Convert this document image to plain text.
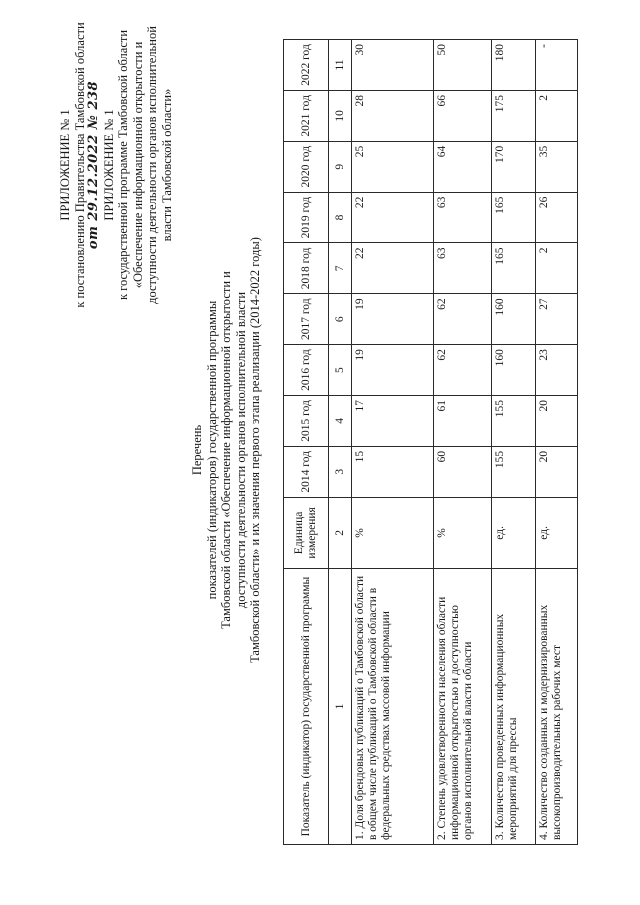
ПРИЛОЖЕНИЕ № 1 к постановлению Правительства Тамбовской области от 29.12.2022 № 238 ПРИЛОЖЕНИЕ № 1 к государственной программе Тамбовской области «Обеспечение информационной открытости и доступности деятельности органов исполнительной власти Тамбовской области»
Перечень показателей (индикаторов) государственной программы Тамбовской области «Обеспечение информационной открытости и доступности деятельности органов исполнительной власти Тамбовской области» и их значения первого этапа реализации (2014-2022 годы)
Показатель (индикатор) государственной программы	Единица измерения	2014 год	2015 год	2016 год	2017 год	2018 год	2019 год	2020 год	2021 год	2022 год
1	2	3	4	5	6	7	8	9	10	11
1. Доля брендовых публикаций о Тамбовской области в общем числе публикаций о Тамбовской области в федеральных средствах массовой информации	%	15	17	19	19	22	22	25	28	30
2. Степень удовлетворенности населения области информационной открытостью и доступностью органов исполнительной власти области	%	60	61	62	62	63	63	64	66	50
3. Количество проведенных информационных мероприятий для прессы	ед.	155	155	160	160	165	165	170	175	180
4. Количество созданных и модернизированных высокопроизводительных рабочих мест	ед.	20	20	23	27	2	26	35	2	-
